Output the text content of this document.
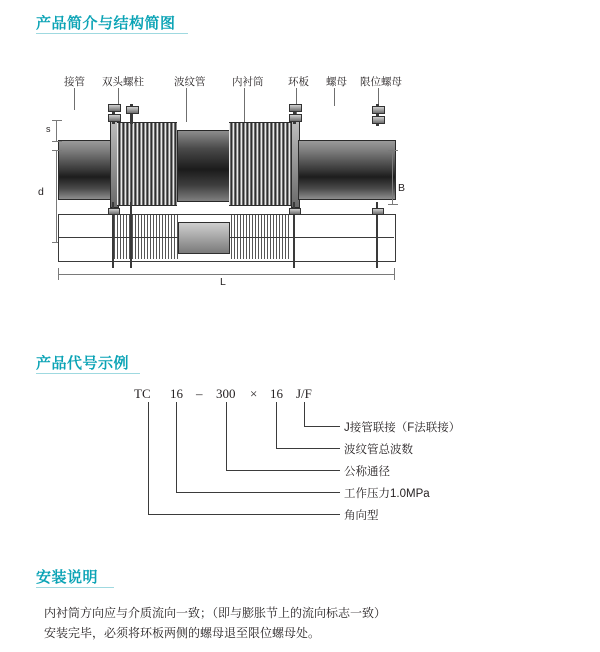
产品简介与结构简图
接管 双头螺柱	波纹管	内衬筒 环板 螺母 限位螺母
s
d	B
L
产品代号示例
TC 16 – 300 × 16 J/F
J接管联接（F法联接）
波纹管总波数
公称通径
工作压力1.0MPa
角向型
安装说明
内衬筒方向应与介质流向一致；（即与膨胀节上的流向标志一致）
安装完毕，必须将环板两侧的螺母退至限位螺母处。
